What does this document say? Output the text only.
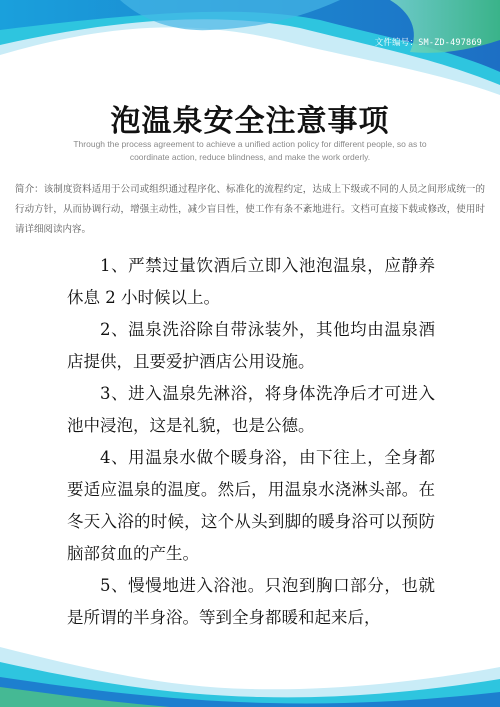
文件编号：SM-ZD-497869
泡温泉安全注意事项
Through the process agreement to achieve a unified action policy for different people, so as to coordinate action, reduce blindness, and make the work orderly.
简介：该制度资料适用于公司或组织通过程序化、标准化的流程约定，达成上下级或不同的人员之间形成统一的行动方针，从而协调行动，增强主动性，减少盲目性，使工作有条不紊地进行。文档可直接下载或修改，使用时请详细阅读内容。

1、严禁过量饮酒后立即入池泡温泉，应静养休息 2 小时候以上。

2、温泉洗浴除自带泳装外，其他均由温泉酒店提供，且要爱护酒店公用设施。

3、进入温泉先淋浴，将身体洗净后才可进入池中浸泡，这是礼貌，也是公德。

4、用温泉水做个暖身浴，由下往上，全身都要适应温泉的温度。然后，用温泉水浇淋头部。在冬天入浴的时候，这个从头到脚的暖身浴可以预防脑部贫血的产生。

5、慢慢地进入浴池。只泡到胸口部分，也就是所谓的半身浴。等到全身都暖和起来后，
